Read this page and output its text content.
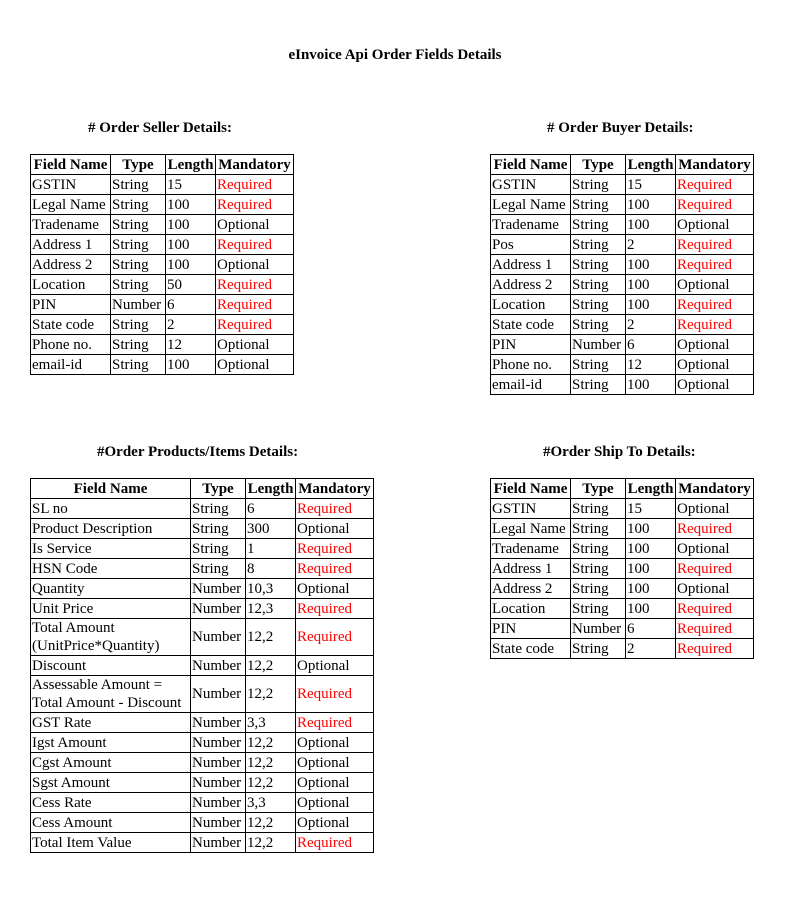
eInvoice Api Order Fields Details
# Order Seller Details:
Field Name	Type	Length	Mandatory
GSTIN	String	15	Required
Legal Name	String	100	Required
Tradename	String	100	Optional
Address 1	String	100	Required
Address 2	String	100	Optional
Location	String	50	Required
PIN	Number	6	Required
State code	String	2	Required
Phone no.	String	12	Optional
email-id	String	100	Optional
# Order Buyer Details:
Field Name	Type	Length	Mandatory
GSTIN	String	15	Required
Legal Name	String	100	Required
Tradename	String	100	Optional
Pos	String	2	Required
Address 1	String	100	Required
Address 2	String	100	Optional
Location	String	100	Required
State code	String	2	Required
PIN	Number	6	Optional
Phone no.	String	12	Optional
email-id	String	100	Optional
#Order Products/Items Details:
Field Name	Type	Length	Mandatory
SL no	String	6	Required
Product Description	String	300	Optional
Is Service	String	1	Required
HSN Code	String	8	Required
Quantity	Number	10,3	Optional
Unit Price	Number	12,3	Required
Total Amount (UnitPrice*Quantity)	Number	12,2	Required
Discount	Number	12,2	Optional
Assessable Amount = Total Amount - Discount	Number	12,2	Required
GST Rate	Number	3,3	Required
Igst Amount	Number	12,2	Optional
Cgst Amount	Number	12,2	Optional
Sgst Amount	Number	12,2	Optional
Cess Rate	Number	3,3	Optional
Cess Amount	Number	12,2	Optional
Total Item Value	Number	12,2	Required
#Order Ship To Details:
Field Name	Type	Length	Mandatory
GSTIN	String	15	Optional
Legal Name	String	100	Required
Tradename	String	100	Optional
Address 1	String	100	Required
Address 2	String	100	Optional
Location	String	100	Required
PIN	Number	6	Required
State code	String	2	Required
